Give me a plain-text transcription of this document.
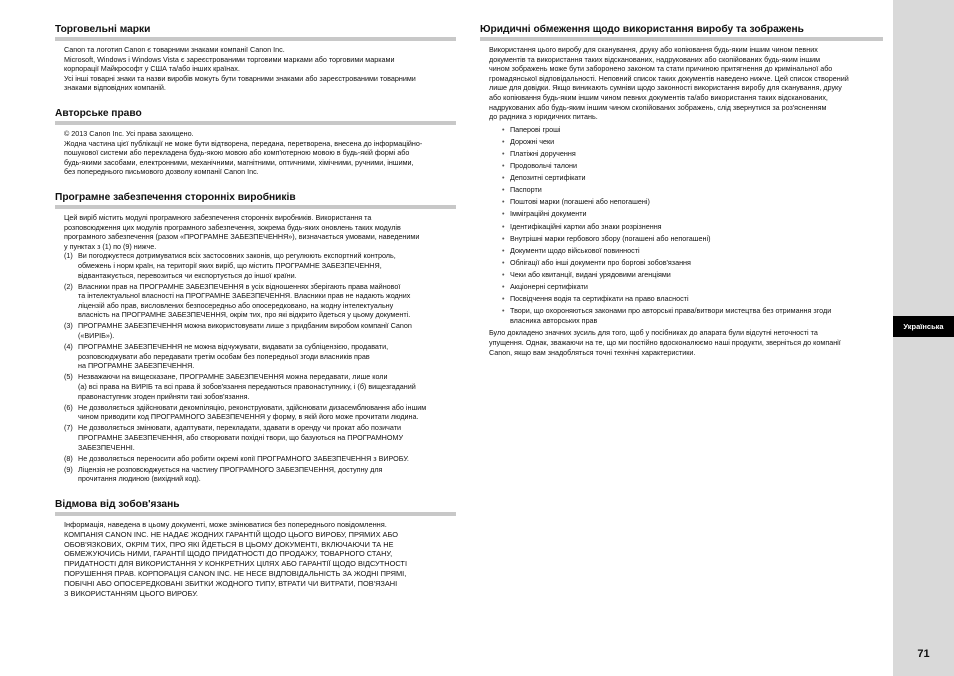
Українська
71
Торговельні марки
Canon та логотип Canon є товарними знаками компанії Canon Inc.
Microsoft, Windows і Windows Vista є зареєстрованими торговими марками або торговими марками
корпорації Майкрософт у США та/або інших країнах.
Усі інші товарні знаки та назви виробів можуть бути товарними знаками або зареєстрованими товарними
знаками відповідних компаній.
Авторське право
© 2013 Canon Inc. Усі права захищено.
Жодна частина цієї публікації не може бути відтворена, передана, перетворена, внесена до інформаційно-
пошукової системи або перекладена будь-якою мовою або комп'ютерною мовою в будь-якій формі або
будь-якими засобами, електронними, механічними, магнітними, оптичними, хімічними, ручними, іншими,
без попереднього письмового дозволу компанії Canon Inc.
Програмне забезпечення сторонніх виробників
Цей виріб містить модулі програмного забезпечення сторонніх виробників. Використання та
розповсюдження цих модулів програмного забезпечення, зокрема будь-яких оновлень таких модулів
програмного забезпечення (разом «ПРОГРАМНЕ ЗАБЕЗПЕЧЕННЯ»), визначається умовами, наведеними
у пунктах з (1) по (9) нижче.
(1) Ви погоджуєтеся дотримуватися всіх застосовних законів, що регулюють експортний контроль,
обмежень і норм країн, на території яких виріб, що містить ПРОГРАМНЕ ЗАБЕЗПЕЧЕННЯ,
відвантажується, перевозиться чи експортується до іншої країни.
(2) Власники прав на ПРОГРАМНЕ ЗАБЕЗПЕЧЕННЯ в усіх відношеннях зберігають права майнової
та інтелектуальної власності на ПРОГРАМНЕ ЗАБЕЗПЕЧЕННЯ. Власники прав не надають жодних
ліцензій або прав, висловлених безпосередньо або опосередковано, на жодну інтелектуальну
власність на ПРОГРАМНЕ ЗАБЕЗПЕЧЕННЯ, окрім тих, про які відкрито йдеться у цьому документі.
(3) ПРОГРАМНЕ ЗАБЕЗПЕЧЕННЯ можна використовувати лише з придбаним виробом компанії Canon
(«ВИРІБ»).
(4) ПРОГРАМНЕ ЗАБЕЗПЕЧЕННЯ не можна відчужувати, видавати за субліцензією, продавати,
розповсюджувати або передавати третім особам без попередньої згоди власників прав
на ПРОГРАМНЕ ЗАБЕЗПЕЧЕННЯ.
(5) Незважаючи на вищесказане, ПРОГРАМНЕ ЗАБЕЗПЕЧЕННЯ можна передавати, лише коли
(а) всі права на ВИРІБ та всі права й зобов'язання передаються правонаступнику, і (б) вищезгаданий
правонаступник згоден прийняти такі зобов'язання.
(6) Не дозволяється здійснювати декомпіляцію, реконструювати, здійснювати дизасемблювання або іншим
чином приводити код ПРОГРАМНОГО ЗАБЕЗПЕЧЕННЯ у форму, в якій його може прочитати людина.
(7) Не дозволяється змінювати, адаптувати, перекладати, здавати в оренду чи прокат або позичати
ПРОГРАМНЕ ЗАБЕЗПЕЧЕННЯ, або створювати похідні твори, що базуються на ПРОГРАМНОМУ
ЗАБЕЗПЕЧЕННІ.
(8) Не дозволяється переносити або робити окремі копії ПРОГРАМНОГО ЗАБЕЗПЕЧЕННЯ з ВИРОБУ.
(9) Ліцензія не розповсюджується на частину ПРОГРАМНОГО ЗАБЕЗПЕЧЕННЯ, доступну для
прочитання людиною (вихідний код).
Відмова від зобов'язань
Інформація, наведена в цьому документі, може змінюватися без попереднього повідомлення.
КОМПАНІЯ CANON INC. НЕ НАДАЄ ЖОДНИХ ГАРАНТІЙ ЩОДО ЦЬОГО ВИРОБУ, ПРЯМИХ АБО
ОБОВ'ЯЗКОВИХ, ОКРІМ ТИХ, ПРО ЯКІ ЙДЕТЬСЯ В ЦЬОМУ ДОКУМЕНТІ, ВКЛЮЧАЮЧИ ТА НЕ
ОБМЕЖУЮЧИСЬ НИМИ, ГАРАНТІЇ ЩОДО ПРИДАТНОСТІ ДО ПРОДАЖУ, ТОВАРНОГО СТАНУ,
ПРИДАТНОСТІ ДЛЯ ВИКОРИСТАННЯ У КОНКРЕТНИХ ЦІЛЯХ АБО ГАРАНТІЇ ЩОДО ВІДСУТНОСТІ
ПОРУШЕННЯ ПРАВ. КОРПОРАЦІЯ CANON INC. НЕ НЕСЕ ВІДПОВІДАЛЬНІСТЬ ЗА ЖОДНІ ПРЯМІ,
ПОБІЧНІ АБО ОПОСЕРЕДКОВАНІ ЗБИТКИ ЖОДНОГО ТИПУ, ВТРАТИ ЧИ ВИТРАТИ, ПОВ'ЯЗАНІ
З ВИКОРИСТАННЯМ ЦЬОГО ВИРОБУ.
Юридичні обмеження щодо використання виробу та зображень
Використання цього виробу для сканування, друку або копіювання будь-яким іншим чином певних
документів та використання таких відсканованих, надрукованих або скопійованих будь-яким іншим
чином зображень може бути заборонено законом та стати причиною притягнення до кримінальної або
громадянської відповідальності. Неповний список таких документів наведено нижче. Цей список створений
лише для довідки. Якщо виникають сумніви щодо законності використання виробу для сканування, друку
або копіювання будь-яким іншим чином певних документів та/або використання таких відсканованих,
надрукованих або будь-яким іншим чином скопійованих зображень, слід звернутися за роз'ясненням
до радника з юридичних питань.
• Паперові гроші
• Дорожні чеки
• Платіжні доручення
• Продовольчі талони
• Депозитні сертифікати
• Паспорти
• Поштові марки (погашені або непогашені)
• Імміграційні документи
• Ідентифікаційні картки або знаки розрізнення
• Внутрішні марки гербового збору (погашені або непогашені)
• Документи щодо військової повинності
• Облігації або інші документи про боргові зобов'язання
• Чеки або квитанції, видані урядовими агенціями
• Акціонерні сертифікати
• Посвідчення водія та сертифікати на право власності
• Твори, що охороняються законами про авторські права/витвори мистецтва без отримання згоди
власника авторських прав
Було докладено значних зусиль для того, щоб у посібниках до апарата були відсутні неточності та
упущення. Однак, зважаючи на те, що ми постійно вдосконалюємо наші продукти, зверніться до компанії
Canon, якщо вам знадобляться точні технічні характеристики.
